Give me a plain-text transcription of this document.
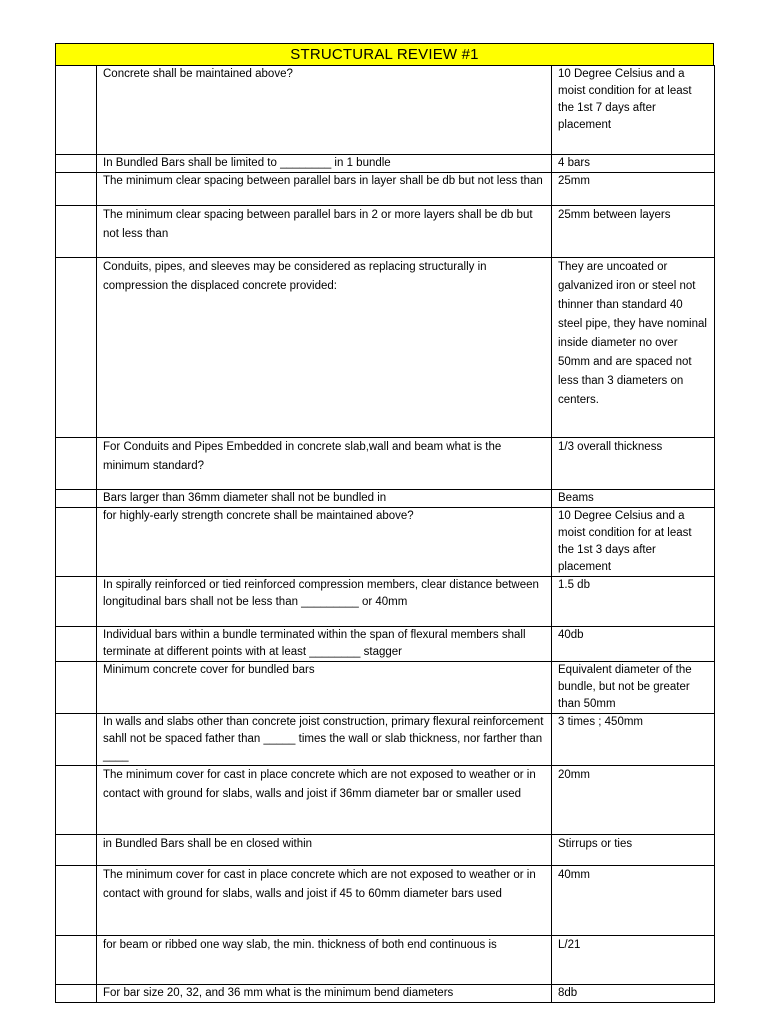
STRUCTURAL REVIEW #1
	Concrete shall be maintained above?	10 Degree Celsius and a moist condition for at least the 1st 7 days after placement
	In Bundled Bars shall be limited to ________ in 1 bundle	4 bars
	The minimum clear spacing between parallel bars in layer shall be db but not less than	25mm
	The minimum clear spacing between parallel bars in 2 or more layers shall be db but not less than	25mm between layers
	Conduits, pipes, and sleeves may be considered as replacing structurally in compression the displaced concrete provided:	They are uncoated or galvanized iron or steel not thinner than standard 40 steel pipe, they have nominal inside diameter no over 50mm and are spaced not less than 3 diameters on centers.
	For Conduits and Pipes Embedded in concrete slab,wall and beam what is the minimum standard?	1/3 overall thickness
	Bars larger than 36mm diameter shall not be bundled in	Beams
	for highly-early strength concrete shall be maintained above?	10 Degree Celsius and a moist condition for at least the 1st 3 days after placement
	In spirally reinforced or tied reinforced compression members, clear distance between longitudinal bars shall not be less than _________ or 40mm	1.5 db
	Individual bars within a bundle terminated within the span of flexural members shall terminate at different points with at least ________ stagger	40db
	Minimum concrete cover for bundled bars	Equivalent diameter of the bundle, but not be greater than 50mm
	In walls and slabs other than concrete joist construction, primary flexural reinforcement sahll not be spaced father than _____ times the wall or slab thickness, nor farther than ____	3 times ; 450mm
	The minimum cover for cast in place concrete which are not exposed to weather or in contact with ground for slabs, walls and joist if 36mm diameter bar or smaller used	20mm
	in Bundled Bars shall be en closed within	Stirrups or ties
	The minimum cover for cast in place concrete which are not exposed to weather or in contact with ground for slabs, walls and joist if 45 to 60mm diameter bars used	40mm
	for beam or ribbed one way slab, the min. thickness of both end continuous is	L/21
	For bar size 20, 32, and 36 mm what is the minimum bend diameters	8db
